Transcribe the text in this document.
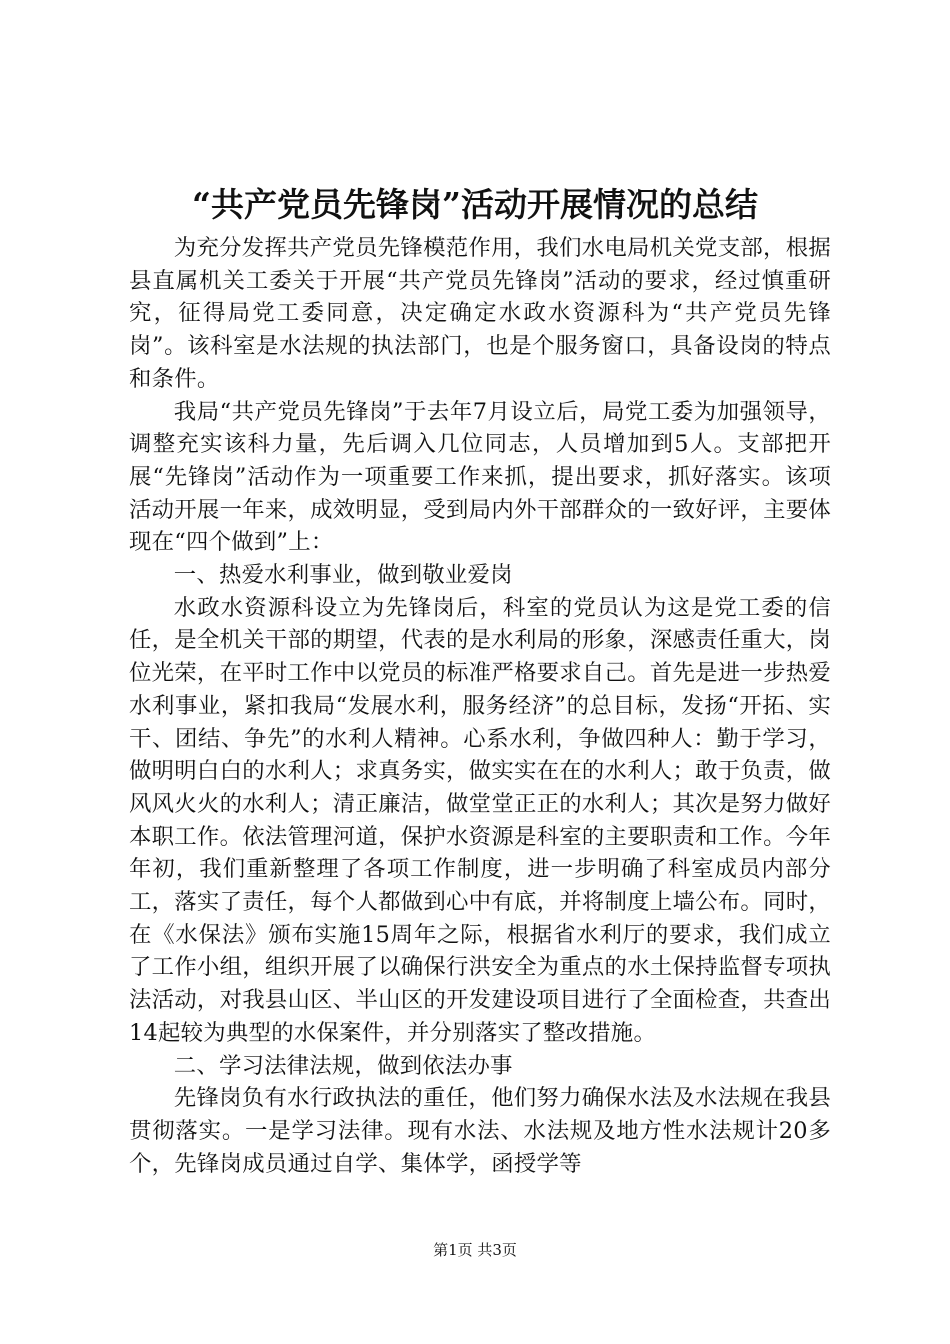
“共产党员先锋岗”活动开展情况的总结

为充分发挥共产党员先锋模范作用，我们水电局机关党支部，根据县直属机关工委关于开展“共产党员先锋岗”活动的要求，经过慎重研究，征得局党工委同意，决定确定水政水资源科为“共产党员先锋岗”。该科室是水法规的执法部门，也是个服务窗口，具备设岗的特点和条件。

我局“共产党员先锋岗”于去年7月设立后，局党工委为加强领导，调整充实该科力量，先后调入几位同志，人员增加到5人。支部把开展“先锋岗”活动作为一项重要工作来抓，提出要求，抓好落实。该项活动开展一年来，成效明显，受到局内外干部群众的一致好评，主要体现在“四个做到”上：

一、热爱水利事业，做到敬业爱岗

水政水资源科设立为先锋岗后，科室的党员认为这是党工委的信任，是全机关干部的期望，代表的是水利局的形象，深感责任重大，岗位光荣，在平时工作中以党员的标准严格要求自己。首先是进一步热爱水利事业，紧扣我局“发展水利，服务经济”的总目标，发扬“开拓、实干、团结、争先”的水利人精神。心系水利，争做四种人：勤于学习，做明明白白的水利人；求真务实，做实实在在的水利人；敢于负责，做风风火火的水利人；清正廉洁，做堂堂正正的水利人；其次是努力做好本职工作。依法管理河道，保护水资源是科室的主要职责和工作。今年年初，我们重新整理了各项工作制度，进一步明确了科室成员内部分工，落实了责任，每个人都做到心中有底，并将制度上墙公布。同时，在《水保法》颁布实施15周年之际，根据省水利厅的要求，我们成立了工作小组，组织开展了以确保行洪安全为重点的水土保持监督专项执法活动，对我县山区、半山区的开发建设项目进行了全面检查，共查出14起较为典型的水保案件，并分别落实了整改措施。

二、学习法律法规，做到依法办事

先锋岗负有水行政执法的重任，他们努力确保水法及水法规在我县贯彻落实。一是学习法律。现有水法、水法规及地方性水法规计20多个，先锋岗成员通过自学、集体学，函授学等

第1页 共3页
